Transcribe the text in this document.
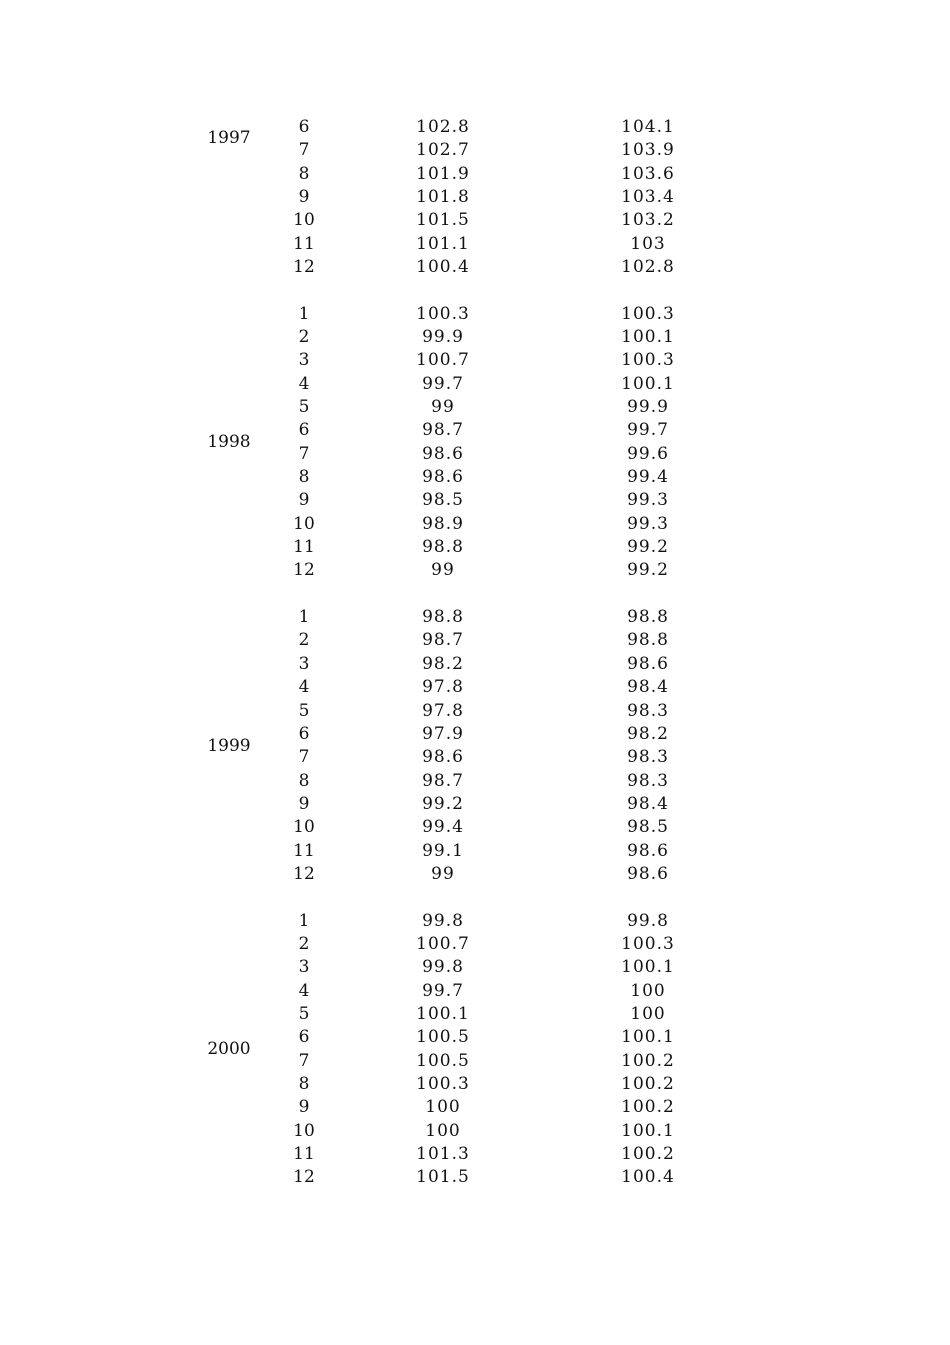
1997
6	102.8	104.1
7	102.7	103.9
8	101.9	103.6
9	101.8	103.4
10	101.5	103.2
11	101.1	103
12	100.4	102.8
1998
1	100.3	100.3
2	99.9	100.1
3	100.7	100.3
4	99.7	100.1
5	99	99.9
6	98.7	99.7
7	98.6	99.6
8	98.6	99.4
9	98.5	99.3
10	98.9	99.3
11	98.8	99.2
12	99	99.2
1999
1	98.8	98.8
2	98.7	98.8
3	98.2	98.6
4	97.8	98.4
5	97.8	98.3
6	97.9	98.2
7	98.6	98.3
8	98.7	98.3
9	99.2	98.4
10	99.4	98.5
11	99.1	98.6
12	99	98.6
2000
1	99.8	99.8
2	100.7	100.3
3	99.8	100.1
4	99.7	100
5	100.1	100
6	100.5	100.1
7	100.5	100.2
8	100.3	100.2
9	100	100.2
10	100	100.1
11	101.3	100.2
12	101.5	100.4
